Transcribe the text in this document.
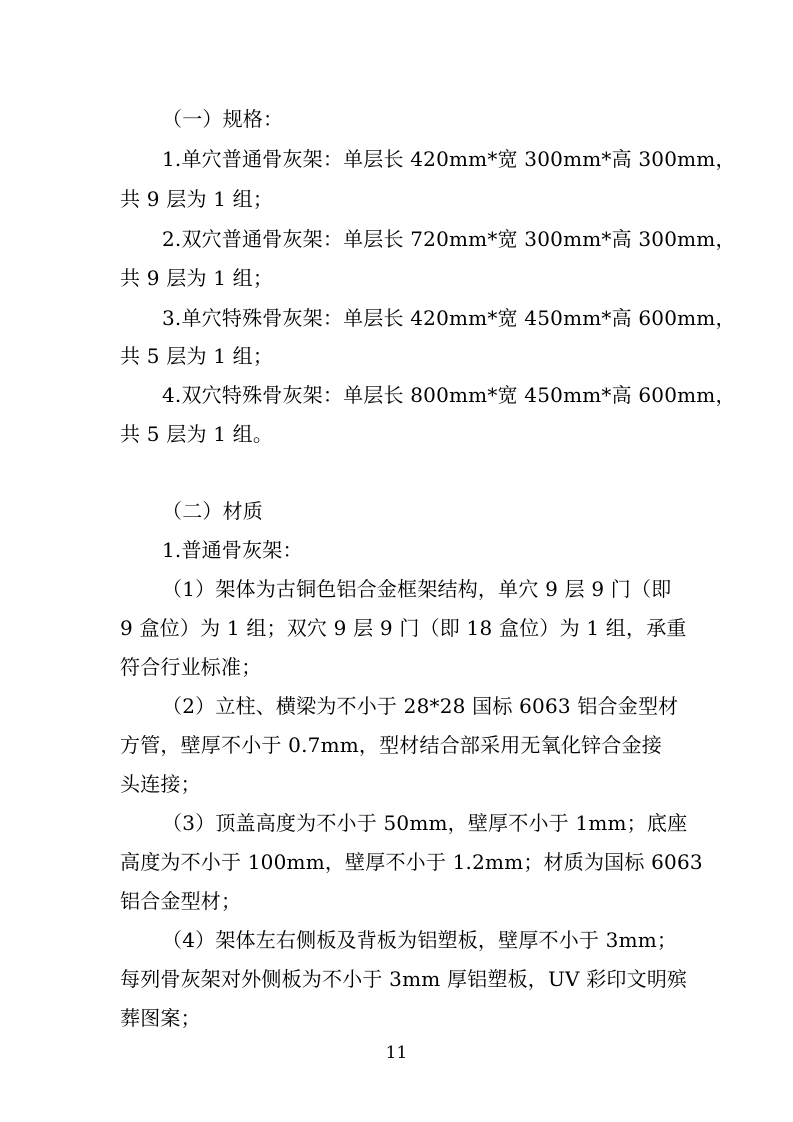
（一）规格：
1.单穴普通骨灰架：单层长 420mm*宽 300mm*高 300mm，
共 9 层为 1 组；
2.双穴普通骨灰架：单层长 720mm*宽 300mm*高 300mm，
共 9 层为 1 组；
3.单穴特殊骨灰架：单层长 420mm*宽 450mm*高 600mm，
共 5 层为 1 组；
4.双穴特殊骨灰架：单层长 800mm*宽 450mm*高 600mm，
共 5 层为 1 组。
（二）材质
1.普通骨灰架：
（1）架体为古铜色铝合金框架结构，单穴 9 层 9 门（即
9 盒位）为 1 组；双穴 9 层 9 门（即 18 盒位）为 1 组，承重
符合行业标准；
（2）立柱、横梁为不小于 28*28 国标 6063 铝合金型材
方管，壁厚不小于 0.7mm，型材结合部采用无氧化锌合金接
头连接；
（3）顶盖高度为不小于 50mm，壁厚不小于 1mm；底座
高度为不小于 100mm，壁厚不小于 1.2mm；材质为国标 6063
铝合金型材；
（4）架体左右侧板及背板为铝塑板，壁厚不小于 3mm；
每列骨灰架对外侧板为不小于 3mm 厚铝塑板，UV 彩印文明殡
葬图案；
11
